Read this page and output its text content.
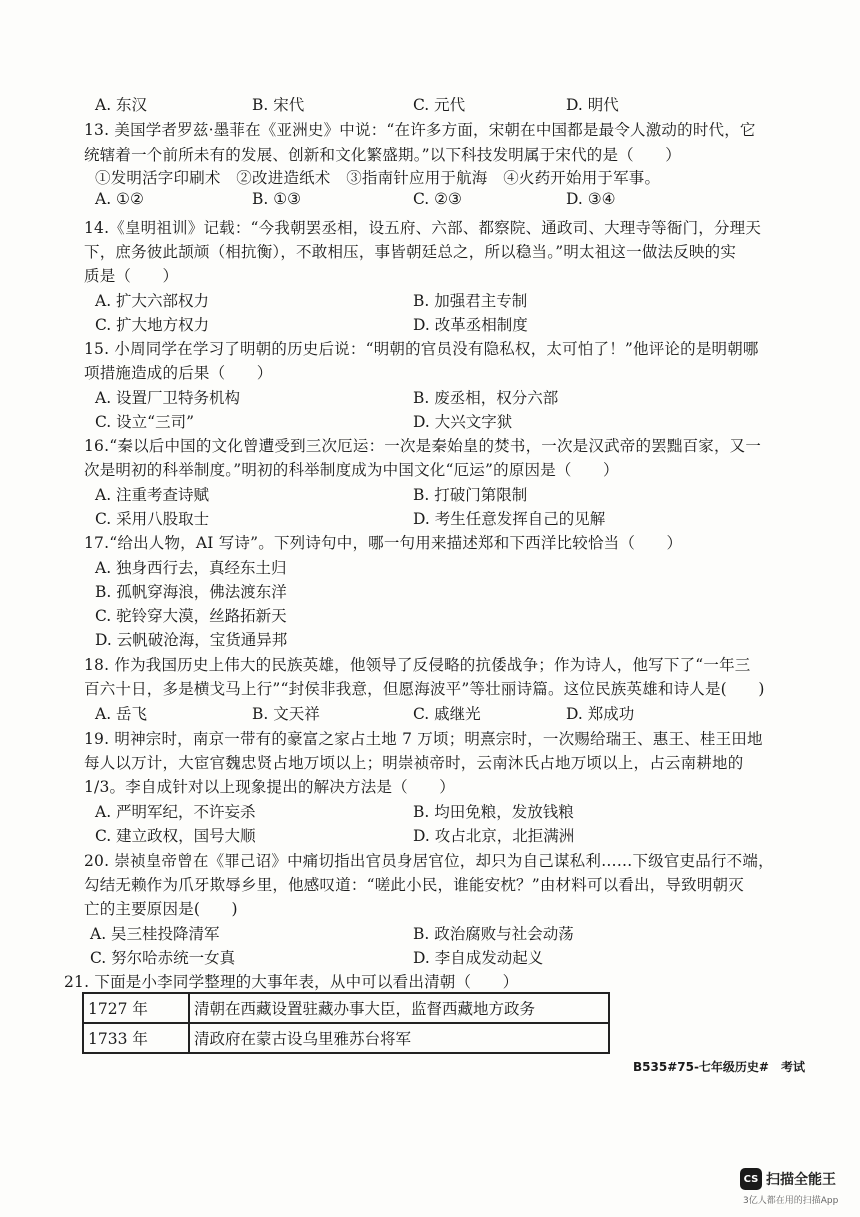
A. 东汉	B. 宋代	C. 元代	D. 明代
13. 美国学者罗兹·墨菲在《亚洲史》中说：“在许多方面，宋朝在中国都是最令人激动的时代，它
统辖着一个前所未有的发展、创新和文化繁盛期。”以下科技发明属于宋代的是（　　）
①发明活字印刷术　②改进造纸术　③指南针应用于航海　④火药开始用于军事。
A. ①②	B. ①③	C. ②③	D. ③④
14.《皇明祖训》记载：“今我朝罢丞相，设五府、六部、都察院、通政司、大理寺等衙门，分理天
下，庶务彼此颉颃（相抗衡），不敢相压，事皆朝廷总之，所以稳当。”明太祖这一做法反映的实
质是（　　）
A. 扩大六部权力	B. 加强君主专制
C. 扩大地方权力	D. 改革丞相制度
15. 小周同学在学习了明朝的历史后说：“明朝的官员没有隐私权，太可怕了！”他评论的是明朝哪
项措施造成的后果（　　）
A. 设置厂卫特务机构	B. 废丞相，权分六部
C. 设立“三司”	D. 大兴文字狱
16.“秦以后中国的文化曾遭受到三次厄运：一次是秦始皇的焚书，一次是汉武帝的罢黜百家，又一
次是明初的科举制度。”明初的科举制度成为中国文化“厄运”的原因是（　　）
A. 注重考查诗赋	B. 打破门第限制
C. 采用八股取士	D. 考生任意发挥自己的见解
17.“给出人物，AI 写诗”。下列诗句中，哪一句用来描述郑和下西洋比较恰当（　　）
A. 独身西行去，真经东土归
B. 孤帆穿海浪，佛法渡东洋
C. 驼铃穿大漠，丝路拓新天
D. 云帆破沧海，宝货通异邦
18. 作为我国历史上伟大的民族英雄，他领导了反侵略的抗倭战争；作为诗人，他写下了“一年三
百六十日，多是横戈马上行”“封侯非我意，但愿海波平”等壮丽诗篇。这位民族英雄和诗人是(　　)
A. 岳飞	B. 文天祥	C. 戚继光	D. 郑成功
19. 明神宗时，南京一带有的豪富之家占土地 7 万顷；明熹宗时，一次赐给瑞王、惠王、桂王田地
每人以万计，大宦官魏忠贤占地万顷以上；明崇祯帝时，云南沐氏占地万顷以上，占云南耕地的
1/3。李自成针对以上现象提出的解决方法是（　　）
A. 严明军纪，不许妄杀	B. 均田免粮，发放钱粮
C. 建立政权，国号大顺	D. 攻占北京，北拒满洲
20. 崇祯皇帝曾在《罪己诏》中痛切指出官员身居官位，却只为自己谋私利……下级官吏品行不端，
勾结无赖作为爪牙欺辱乡里，他感叹道：“嗟此小民，谁能安枕？”由材料可以看出，导致明朝灭
亡的主要原因是(　　)
A. 吴三桂投降清军	B. 政治腐败与社会动荡
C. 努尔哈赤统一女真	D. 李自成发动起义
21. 下面是小李同学整理的大事年表，从中可以看出清朝（　　）
1727 年	清朝在西藏设置驻藏办事大臣，监督西藏地方政务
1733 年	清政府在蒙古设乌里雅苏台将军
B535#75-七年级历史#　考试
CS 扫描全能王
3亿人都在用的扫描App
